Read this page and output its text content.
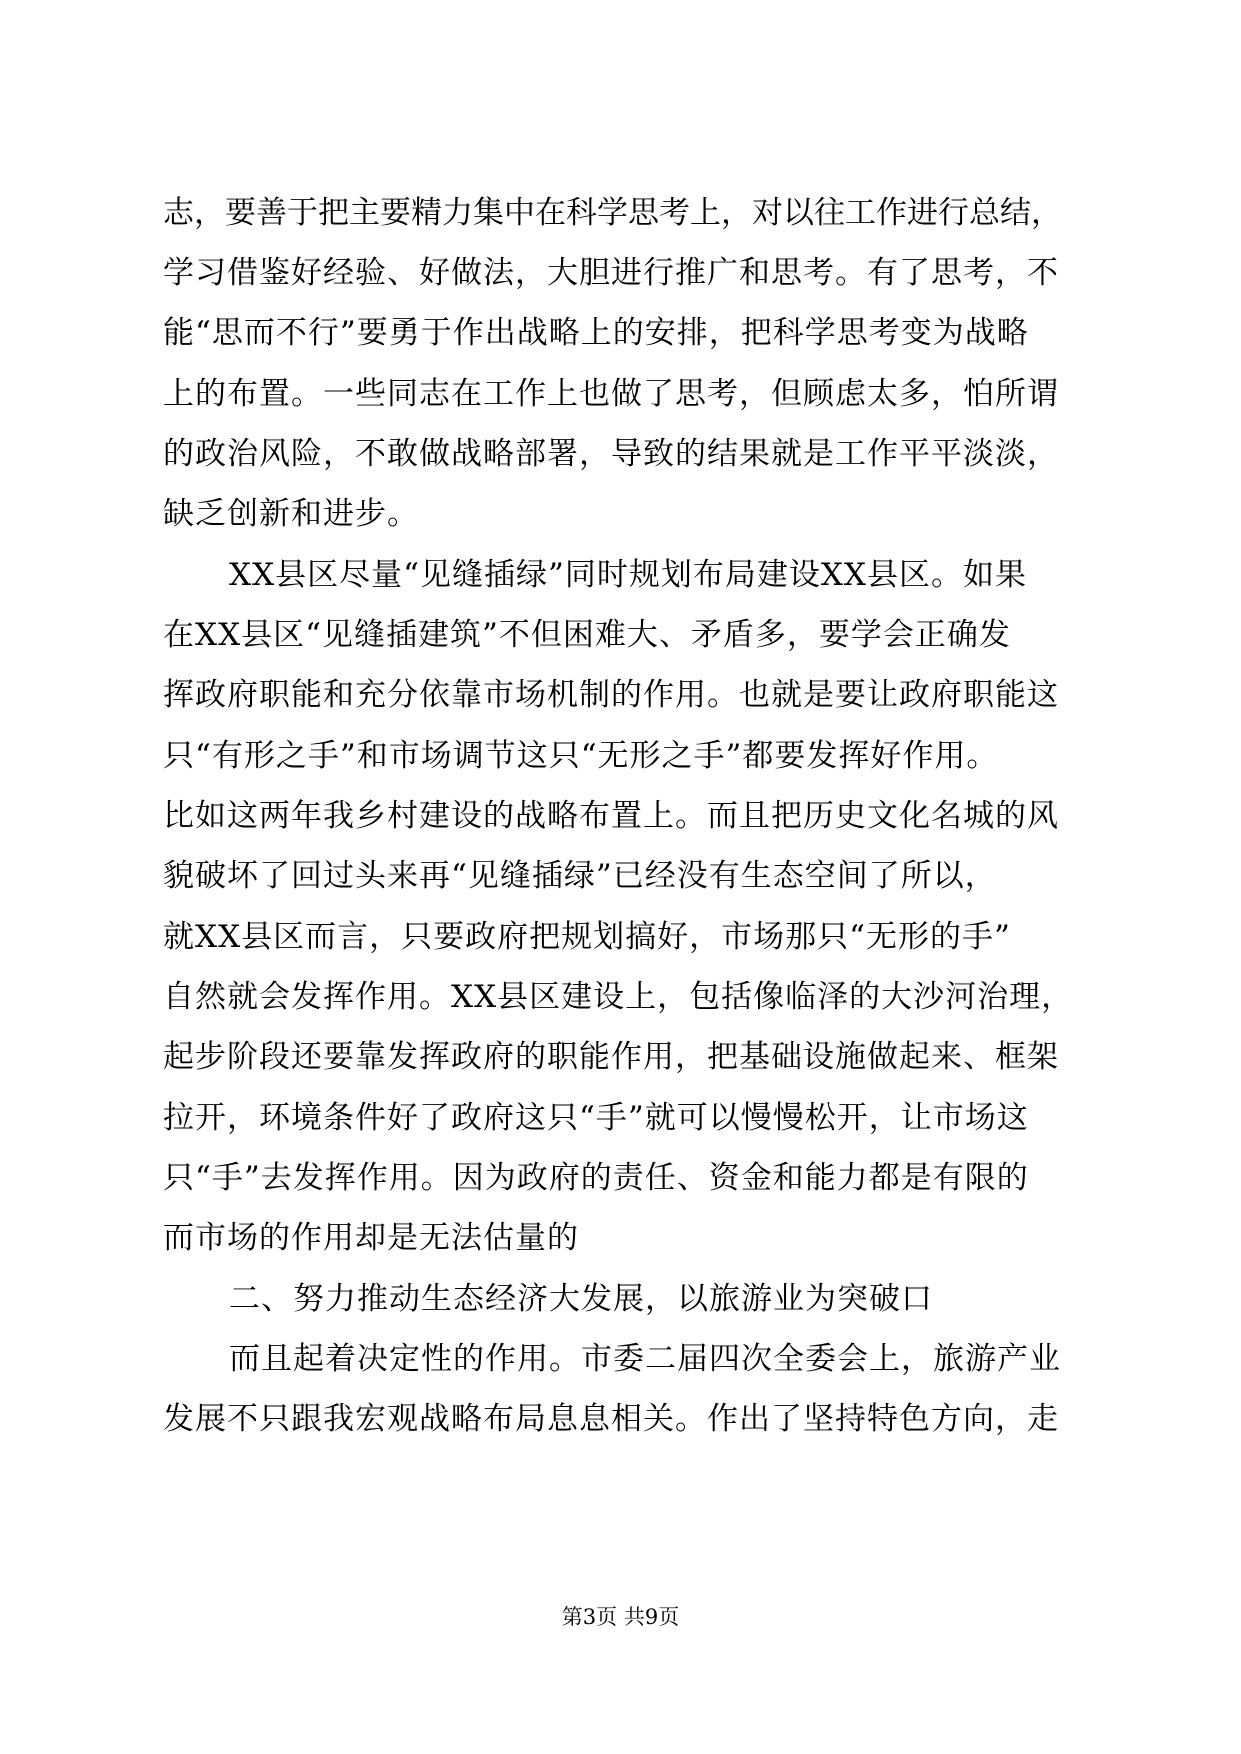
志，要善于把主要精力集中在科学思考上，对以往工作进行总结，
学习借鉴好经验、好做法，大胆进行推广和思考。有了思考，不
能“思而不行”要勇于作出战略上的安排，把科学思考变为战略
上的布置。一些同志在工作上也做了思考，但顾虑太多，怕所谓
的政治风险，不敢做战略部署，导致的结果就是工作平平淡淡，
缺乏创新和进步。
XX县区尽量“见缝插绿”同时规划布局建设XX县区。如果
在XX县区“见缝插建筑”不但困难大、矛盾多，要学会正确发
挥政府职能和充分依靠市场机制的作用。也就是要让政府职能这
只“有形之手”和市场调节这只“无形之手”都要发挥好作用。
比如这两年我乡村建设的战略布置上。而且把历史文化名城的风
貌破坏了回过头来再“见缝插绿”已经没有生态空间了所以，
就XX县区而言，只要政府把规划搞好，市场那只“无形的手”
自然就会发挥作用。XX县区建设上，包括像临泽的大沙河治理，
起步阶段还要靠发挥政府的职能作用，把基础设施做起来、框架
拉开，环境条件好了政府这只“手”就可以慢慢松开，让市场这
只“手”去发挥作用。因为政府的责任、资金和能力都是有限的
而市场的作用却是无法估量的
二、努力推动生态经济大发展，以旅游业为突破口
而且起着决定性的作用。市委二届四次全委会上，旅游产业
发展不只跟我宏观战略布局息息相关。作出了坚持特色方向，走
第3页 共9页
